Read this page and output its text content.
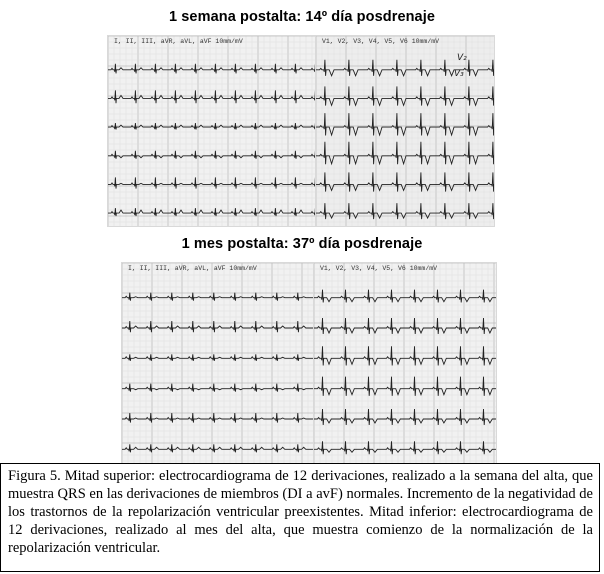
1 semana postalta: 14º día posdrenaje
I, II, III, aVR, aVL, aVF 10mm/mV	V1, V2, V3, V4, V5, V6 10mm/mV
V₂
V₃
1 mes postalta: 37º día posdrenaje
I, II, III, aVR, aVL, aVF 10mm/mV	V1, V2, V3, V4, V5, V6 10mm/mV

Figura 5. Mitad superior: electrocardiograma de 12 derivaciones, realizado a la semana del alta, que muestra QRS en las derivaciones de miembros (DI a avF) normales. Incremento de la negatividad de los trastornos de la repolarización ventricular preexistentes. Mitad inferior: electrocardiograma de 12 derivaciones, realizado al mes del alta, que muestra comienzo de la normalización de la repolarización ventricular.
